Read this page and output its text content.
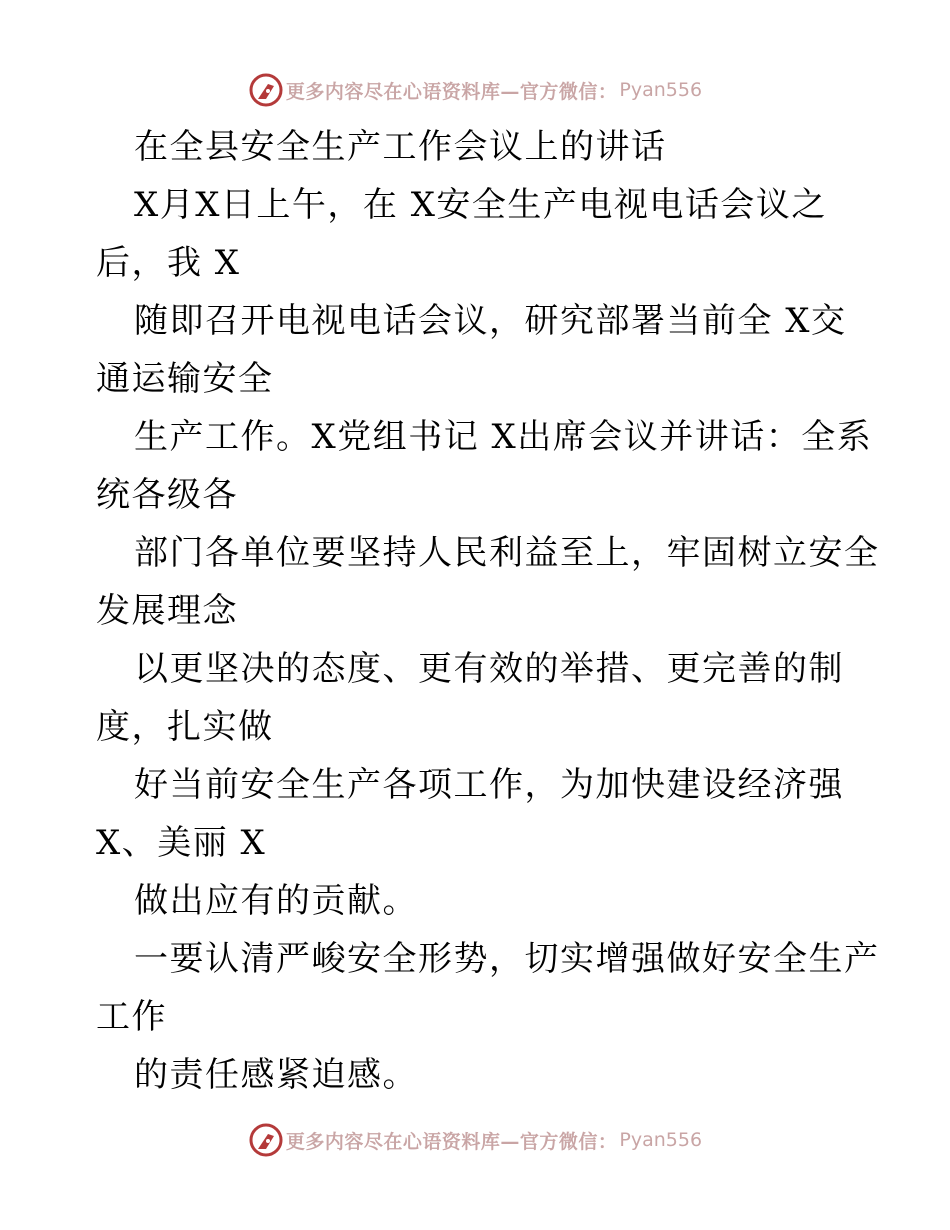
更多内容尽在心语资料库—官方微信： Pyan556
在全县安全生产工作会议上的讲话
X月X日上午，在 X安全生产电视电话会议之
后，我 X
随即召开电视电话会议，研究部署当前全 X交
通运输安全
生产工作。X党组书记 X出席会议并讲话：全系
统各级各
部门各单位要坚持人民利益至上，牢固树立安全
发展理念
以更坚决的态度、更有效的举措、更完善的制
度，扎实做
好当前安全生产各项工作，为加快建设经济强
X、美丽 X
做出应有的贡献。
一要认清严峻安全形势，切实增强做好安全生产
工作
的责任感紧迫感。
更多内容尽在心语资料库—官方微信： Pyan556
